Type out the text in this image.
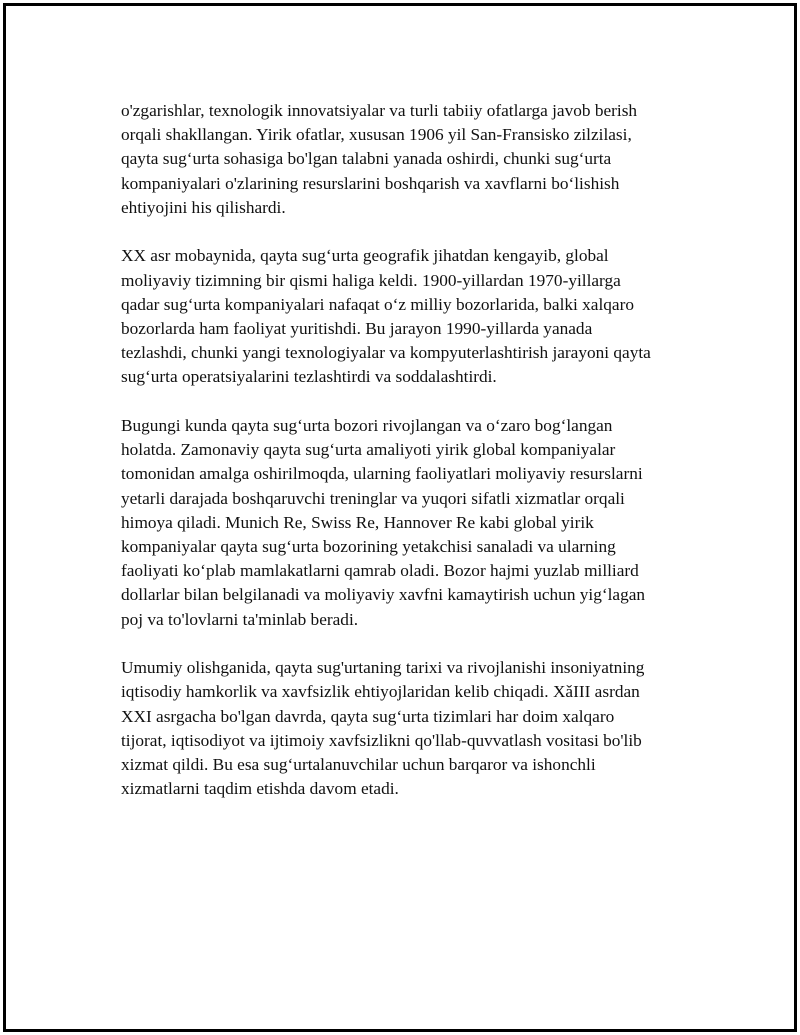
o'zgarishlar, texnologik innovatsiyalar va turli tabiiy ofatlarga javob berish
orqali shakllangan. Yirik ofatlar, xususan 1906 yil San-Fransisko zilzilasi,
qayta sug‘urta sohasiga bo'lgan talabni yanada oshirdi, chunki sug‘urta
kompaniyalari o'zlarining resurslarini boshqarish va xavflarni bo‘lishish
ehtiyojini his qilishardi.

XX asr mobaynida, qayta sug‘urta geografik jihatdan kengayib, global
moliyaviy tizimning bir qismi haliga keldi. 1900-yillardan 1970-yillarga
qadar sug‘urta kompaniyalari nafaqat o‘z milliy bozorlarida, balki xalqaro
bozorlarda ham faoliyat yuritishdi. Bu jarayon 1990-yillarda yanada
tezlashdi, chunki yangi texnologiyalar va kompyuterlashtirish jarayoni qayta
sug‘urta operatsiyalarini tezlashtirdi va soddalashtirdi.

Bugungi kunda qayta sug‘urta bozori rivojlangan va o‘zaro bog‘langan
holatda. Zamonaviy qayta sug‘urta amaliyoti yirik global kompaniyalar
tomonidan amalga oshirilmoqda, ularning faoliyatlari moliyaviy resurslarni
yetarli darajada boshqaruvchi treninglar va yuqori sifatli xizmatlar orqali
himoya qiladi. Munich Re, Swiss Re, Hannover Re kabi global yirik
kompaniyalar qayta sug‘urta bozorining yetakchisi sanaladi va ularning
faoliyati ko‘plab mamlakatlarni qamrab oladi. Bozor hajmi yuzlab milliard
dollarlar bilan belgilanadi va moliyaviy xavfni kamaytirish uchun yig‘lagan
poj va to'lovlarni ta'minlab beradi.

Umumiy olishganida, qayta sug'urtaning tarixi va rivojlanishi insoniyatning
iqtisodiy hamkorlik va xavfsizlik ehtiyojlaridan kelib chiqadi. XǎIII asrdan
XXI asrgacha bo'lgan davrda, qayta sug‘urta tizimlari har doim xalqaro
tijorat, iqtisodiyot va ijtimoiy xavfsizlikni qo'llab-quvvatlash vositasi bo'lib
xizmat qildi. Bu esa sug‘urtalanuvchilar uchun barqaror va ishonchli
xizmatlarni taqdim etishda davom etadi.
